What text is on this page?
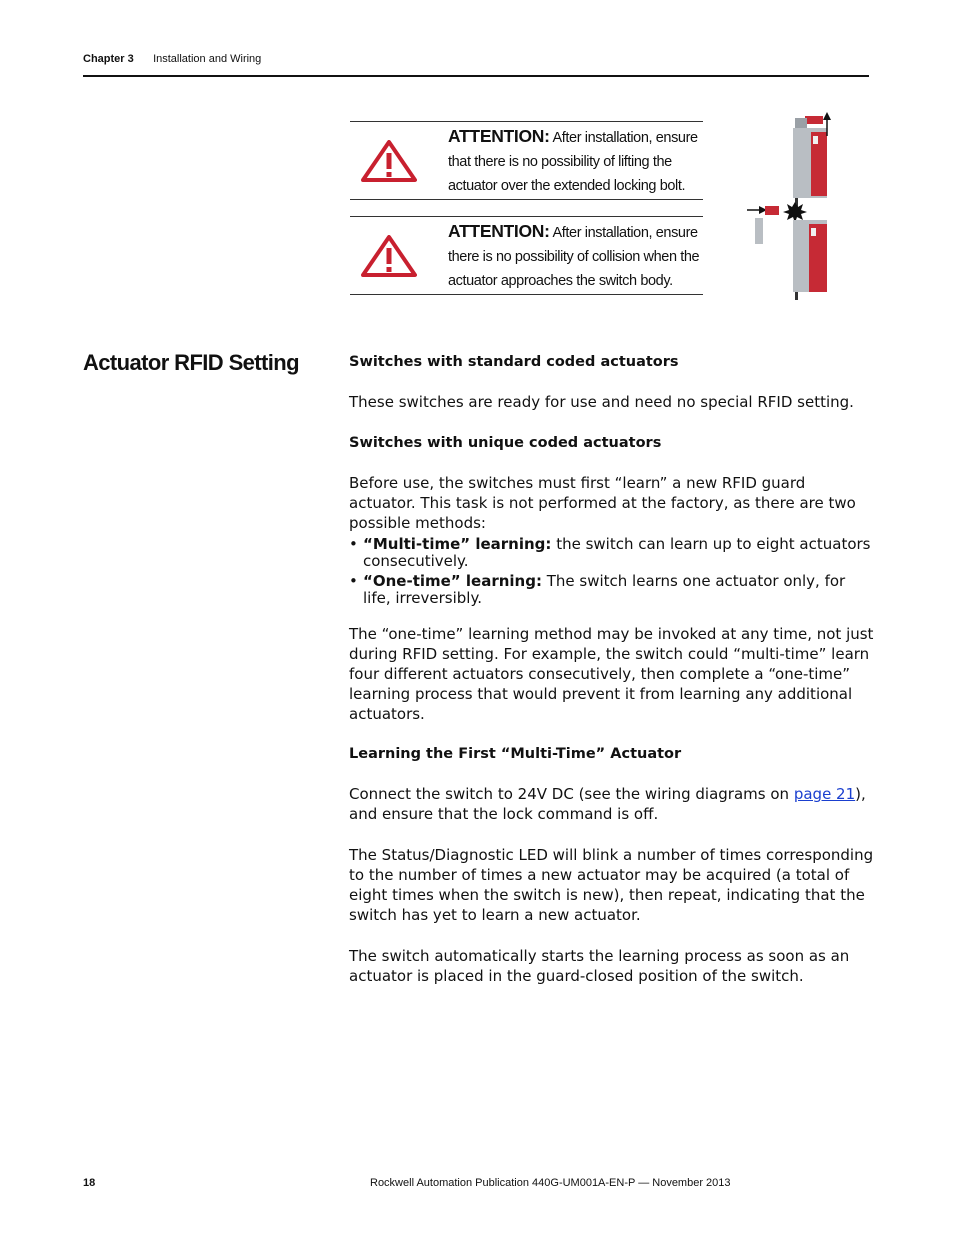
Chapter 3 Installation and Wiring
ATTENTION: After installation, ensure that there is no possibility of lifting the actuator over the extended locking bolt.
ATTENTION: After installation, ensure there is no possibility of collision when the actuator approaches the switch body.
Actuator RFID Setting	Switches with standard coded actuators

These switches are ready for use and need no special RFID setting.

Switches with unique coded actuators

Before use, the switches must first “learn” a new RFID guard actuator. This task is not performed at the factory, as there are two possible methods:

• “Multi-time” learning: the switch can learn up to eight actuators consecutively.
• “One-time” learning: The switch learns one actuator only, for life, irreversibly.

The “one-time” learning method may be invoked at any time, not just during RFID setting. For example, the switch could “multi-time” learn four different actuators consecutively, then complete a “one-time” learning process that would prevent it from learning any additional actuators.

Learning the First “Multi-Time” Actuator

Connect the switch to 24V DC (see the wiring diagrams on page 21), and ensure that the lock command is off.

The Status/Diagnostic LED will blink a number of times corresponding to the number of times a new actuator may be acquired (a total of eight times when the switch is new), then repeat, indicating that the switch has yet to learn a new actuator.

The switch automatically starts the learning process as soon as an actuator is placed in the guard-closed position of the switch.

18	Rockwell Automation Publication 440G-UM001A-EN-P — November 2013
